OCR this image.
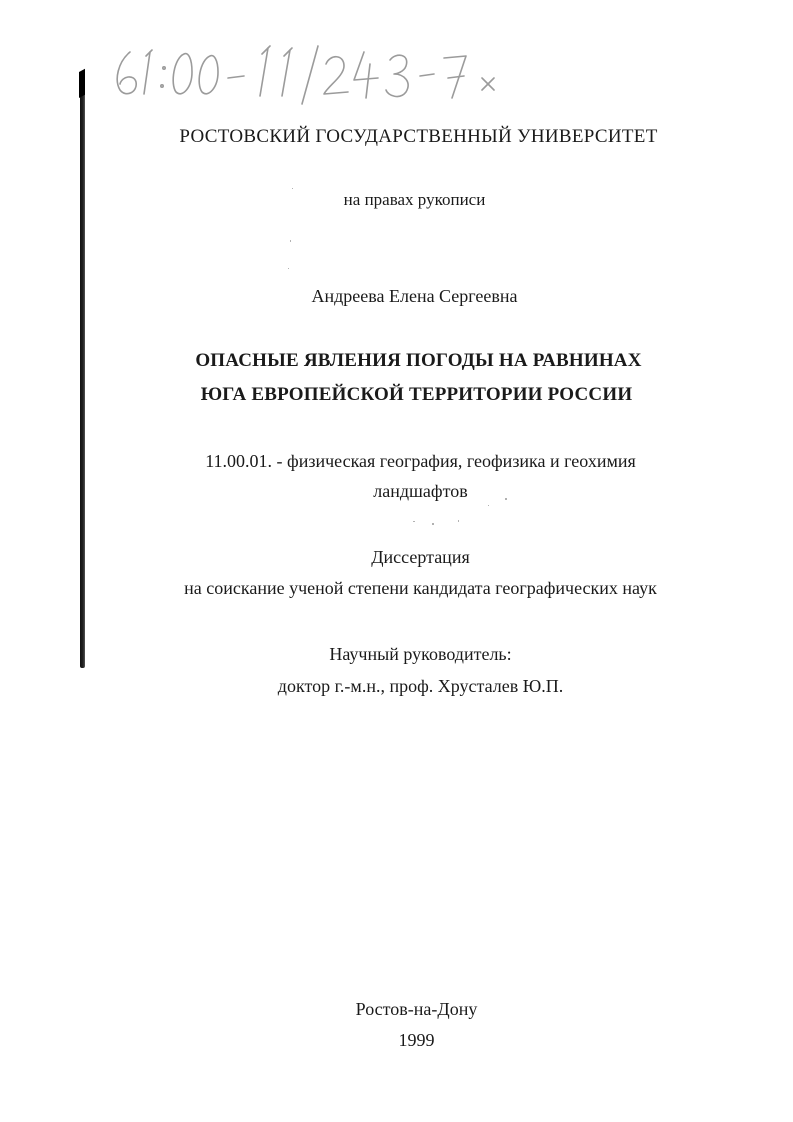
РОСТОВСКИЙ ГОСУДАРСТВЕННЫЙ УНИВЕРСИТЕТ
на правах рукописи
Андреева Елена Сергеевна
ОПАСНЫЕ ЯВЛЕНИЯ ПОГОДЫ НА РАВНИНАХ
ЮГА ЕВРОПЕЙСКОЙ ТЕРРИТОРИИ РОССИИ
11.00.01. - физическая география, геофизика и геохимия
ландшафтов
Диссертация
на соискание ученой степени кандидата географических наук
Научный руководитель:
доктор г.-м.н., проф. Хрусталев Ю.П.
Ростов-на-Дону
1999
